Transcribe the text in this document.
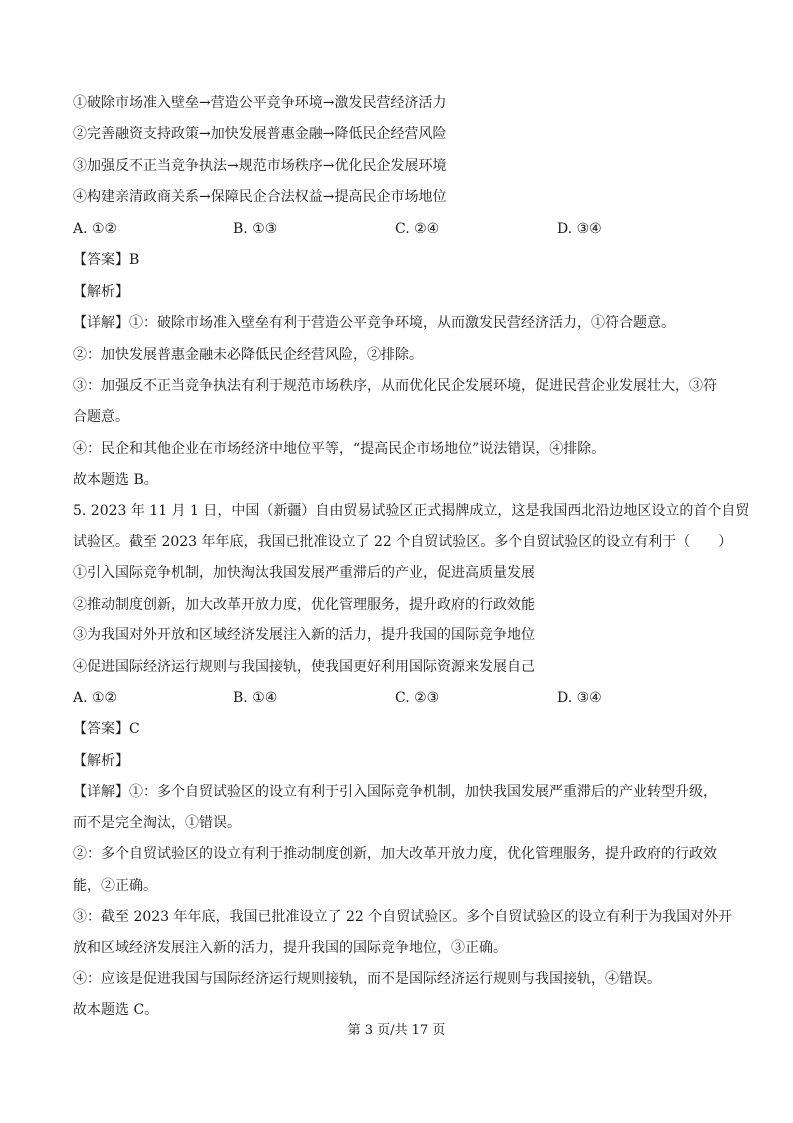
①破除市场准入壁垒→营造公平竞争环境→激发民营经济活力
②完善融资支持政策→加快发展普惠金融→降低民企经营风险
③加强反不正当竞争执法→规范市场秩序→优化民企发展环境
④构建亲清政商关系→保障民企合法权益→提高民企市场地位
A. ①②	B. ①③	C. ②④	D. ③④
【答案】B
【解析】
【详解】①：破除市场准入壁垒有利于营造公平竞争环境，从而激发民营经济活力，①符合题意。
②：加快发展普惠金融未必降低民企经营风险，②排除。
③：加强反不正当竞争执法有利于规范市场秩序，从而优化民企发展环境，促进民营企业发展壮大，③符
合题意。
④：民企和其他企业在市场经济中地位平等，“提高民企市场地位”说法错误，④排除。
故本题选 B。
5. 2023 年 11 月 1 日，中国（新疆）自由贸易试验区正式揭牌成立，这是我国西北沿边地区设立的首个自贸
试验区。截至 2023 年年底，我国已批准设立了 22 个自贸试验区。多个自贸试验区的设立有利于（　　）
①引入国际竞争机制，加快淘汰我国发展严重滞后的产业，促进高质量发展
②推动制度创新，加大改革开放力度，优化管理服务，提升政府的行政效能
③为我国对外开放和区域经济发展注入新的活力，提升我国的国际竞争地位
④促进国际经济运行规则与我国接轨，使我国更好利用国际资源来发展自己
A. ①②	B. ①④	C. ②③	D. ③④
【答案】C
【解析】
【详解】①：多个自贸试验区的设立有利于引入国际竞争机制，加快我国发展严重滞后的产业转型升级，
而不是完全淘汰，①错误。
②：多个自贸试验区的设立有利于推动制度创新，加大改革开放力度，优化管理服务，提升政府的行政效
能，②正确。
③：截至 2023 年年底，我国已批准设立了 22 个自贸试验区。多个自贸试验区的设立有利于为我国对外开
放和区域经济发展注入新的活力，提升我国的国际竞争地位，③正确。
④：应该是促进我国与国际经济运行规则接轨，而不是国际经济运行规则与我国接轨，④错误。
故本题选 C。
第 3 页/共 17 页
